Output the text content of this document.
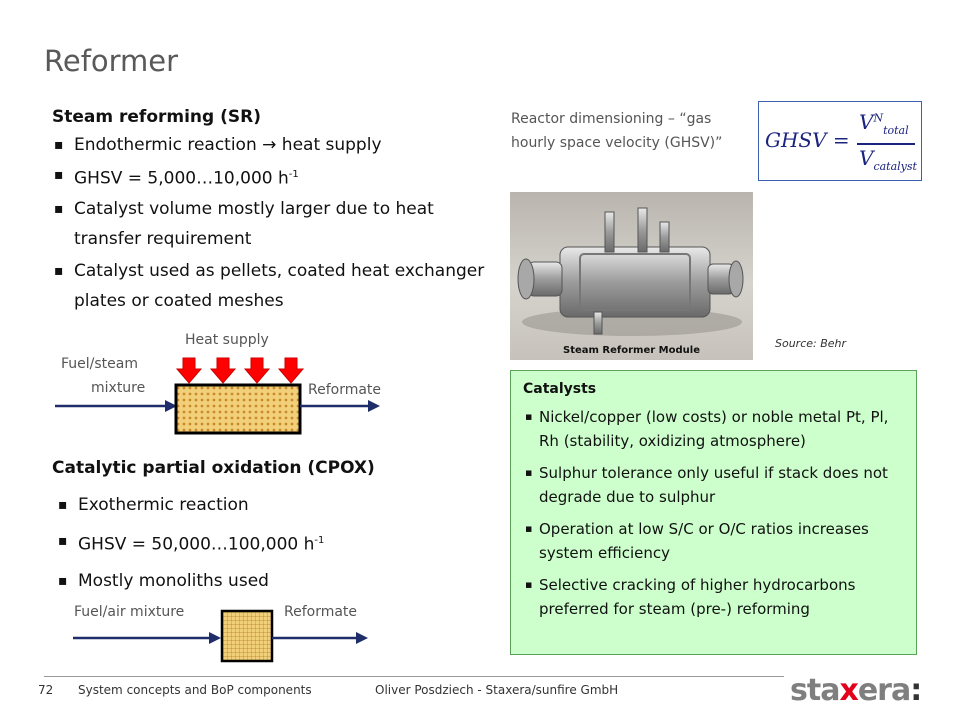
Reformer
Steam reforming (SR)
▪ Endothermic reaction → heat supply
▪ GHSV = 5,000…10,000 $h^{-1}$
▪ Catalyst volume mostly larger due to heat transfer requirement
▪ Catalyst used as pellets, coated heat exchanger plates or coated meshes
Heat supply
Fuel/steam
mixture	Reformate
Catalytic partial oxidation (CPOX)
▪ Exothermic reaction
▪ GHSV = 50,000…100,000 $h^{-1}$
▪ Mostly monoliths used
Fuel/air mixture	Reformate
Reactor dimensioning – “gas hourly space velocity (GHSV)”	GHSV =
$V^N_{total}$
$V_{catalyst}$
Steam Reformer Module
Source: Behr
Catalysts
▪ Nickel/copper (low costs) or noble metal Pt, Pl, Rh (stability, oxidizing atmosphere)
▪ Sulphur tolerance only useful if stack does not degrade due to sulphur
▪ Operation at low S/C or O/C ratios increases system efficiency
▪ Selective cracking of higher hydrocarbons preferred for steam (pre-) reforming
72 System concepts and BoP components	Oliver Posdziech - Staxera/sunfire GmbH	staxera:
